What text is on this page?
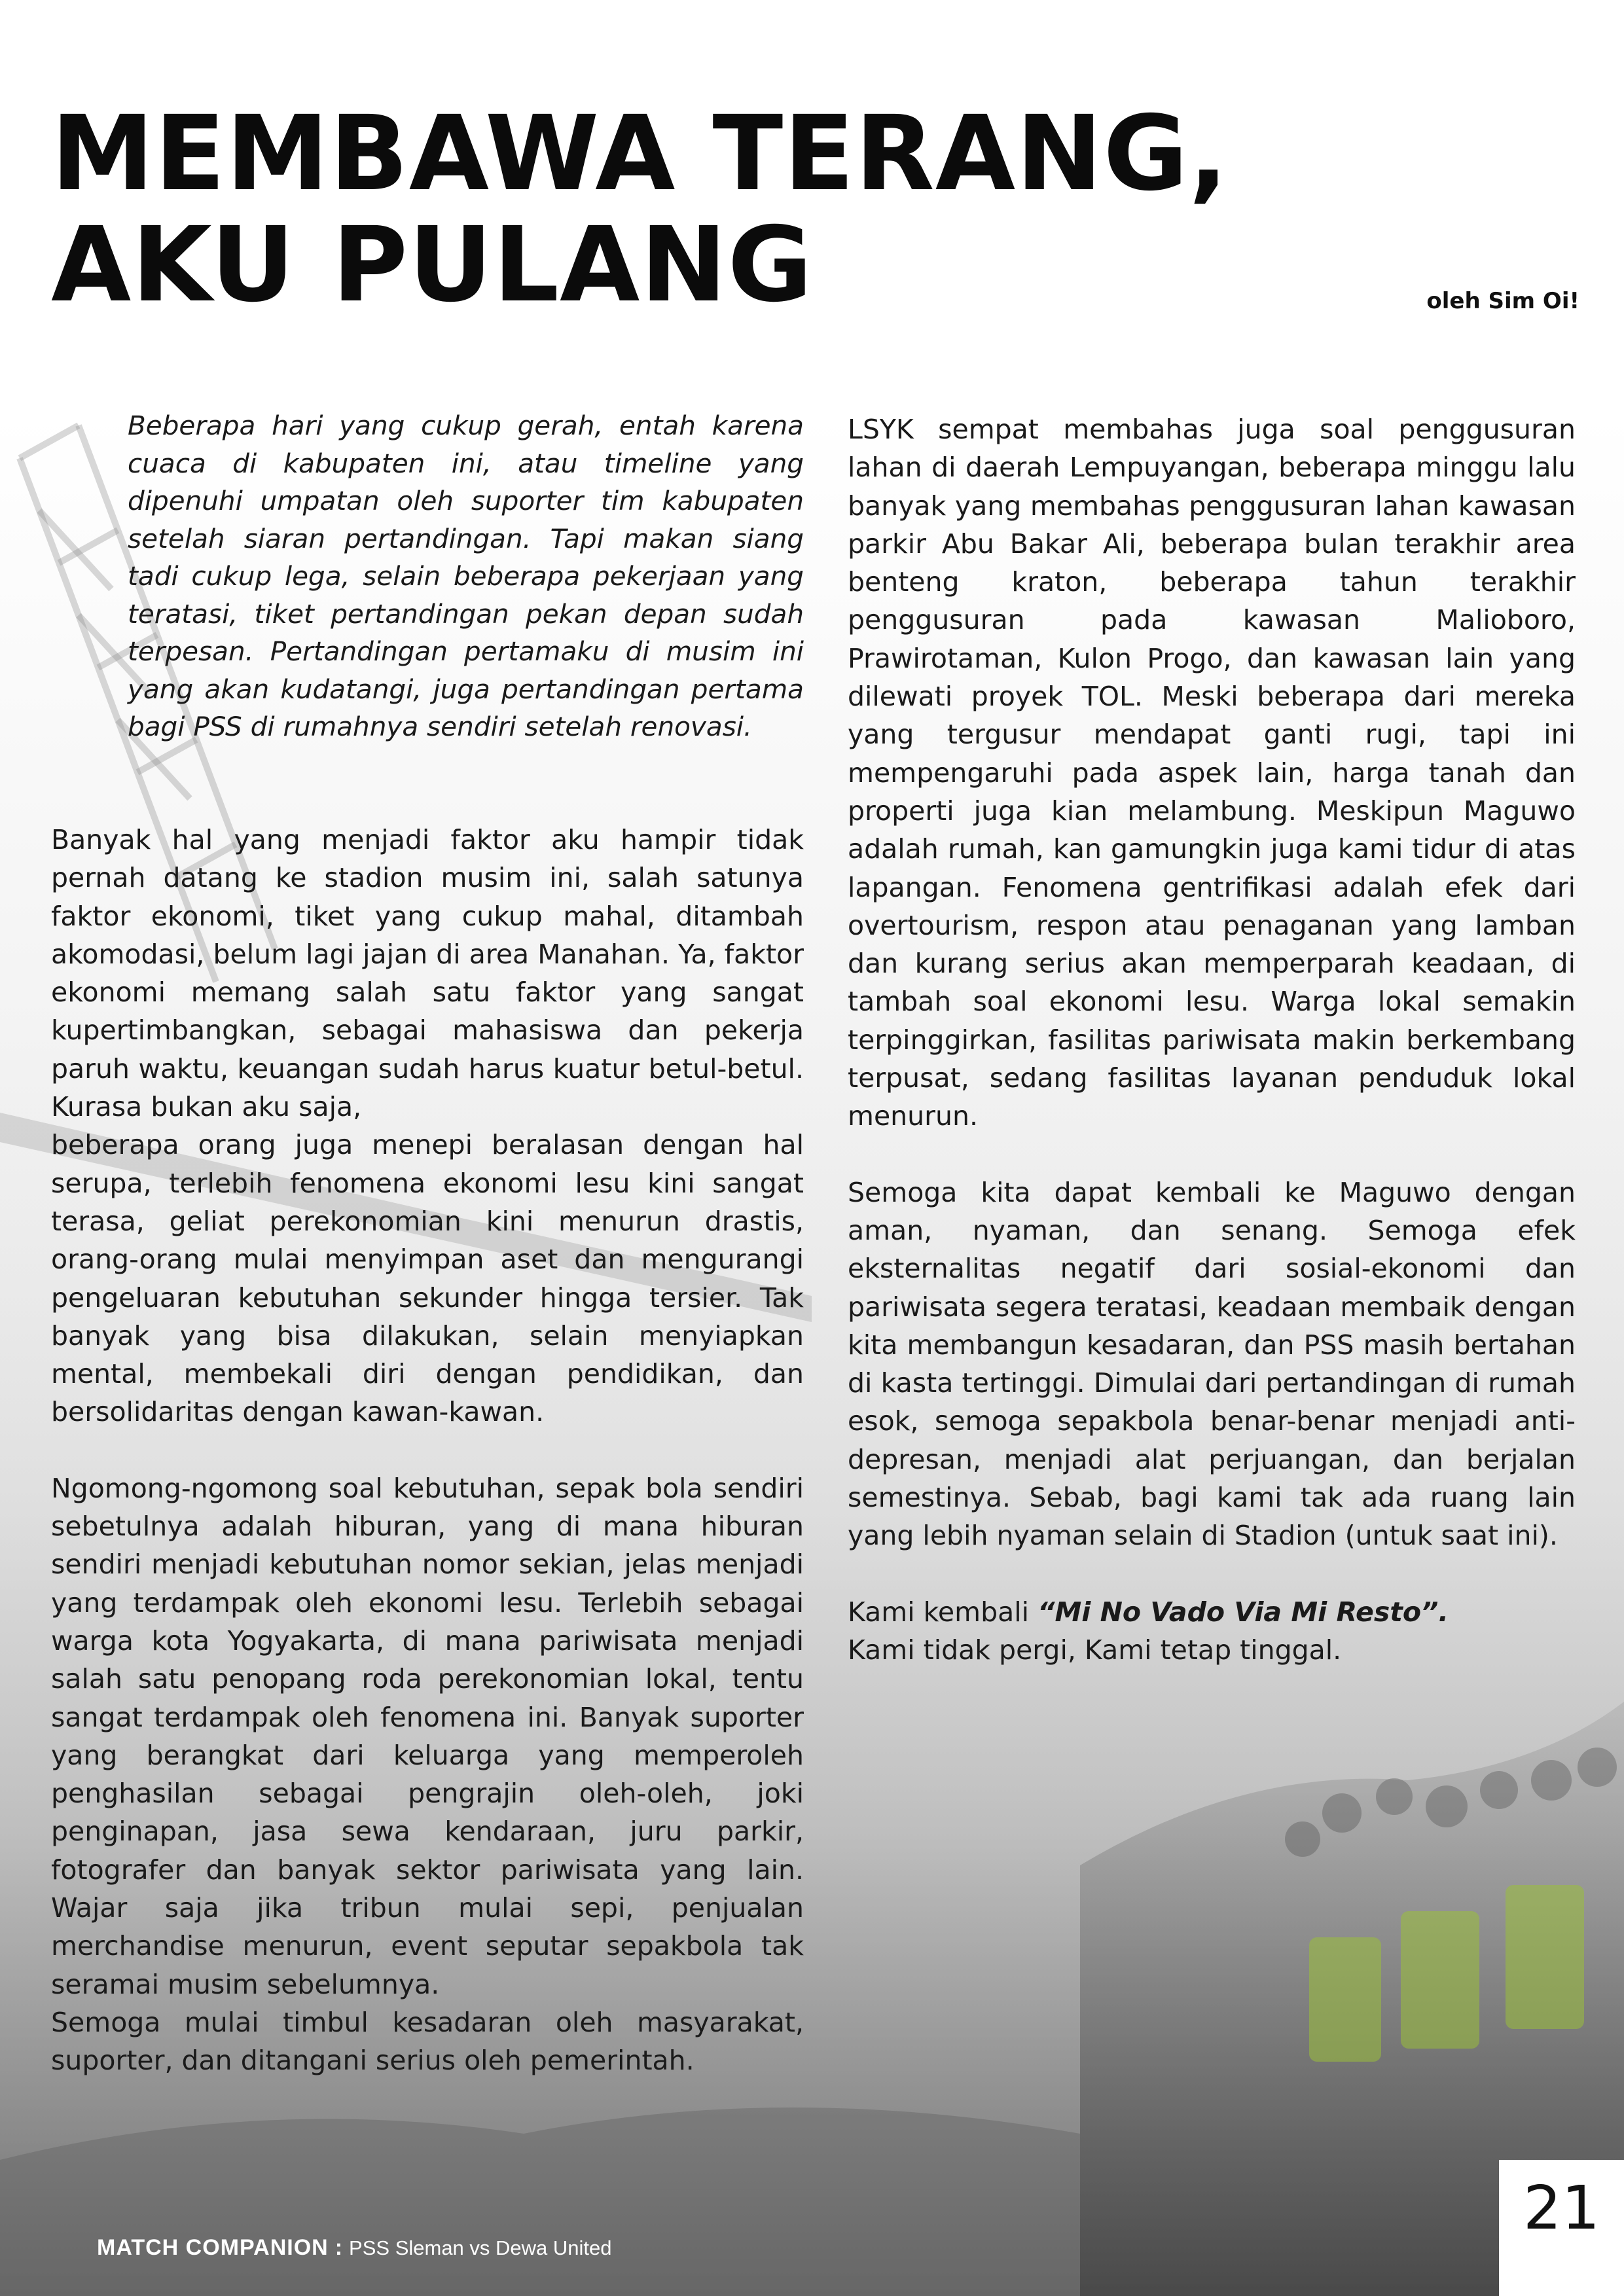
MEMBAWA TERANG,
AKU PULANG	oleh Sim Oi!
Beberapa hari yang cukup gerah, entah karena cuaca di kabupaten ini, atau timeline yang dipenuhi umpatan oleh suporter tim kabupaten setelah siaran pertandingan. Tapi makan siang tadi cukup lega, selain beberapa pekerjaan yang teratasi, tiket pertandingan pekan depan sudah terpesan. Pertandingan pertamaku di musim ini yang akan kudatangi, juga pertandingan pertama bagi PSS di rumahnya sendiri setelah renovasi.

Banyak hal yang menjadi faktor aku hampir tidak pernah datang ke stadion musim ini, salah satunya faktor ekonomi, tiket yang cukup mahal, ditambah akomodasi, belum lagi jajan di area Manahan. Ya, faktor ekonomi memang salah satu faktor yang sangat kupertimbangkan, sebagai mahasiswa dan pekerja paruh waktu, keuangan sudah harus kuatur betul-betul. Kurasa bukan aku saja,

beberapa orang juga menepi beralasan dengan hal serupa, terlebih fenomena ekonomi lesu kini sangat terasa, geliat perekonomian kini menurun drastis, orang-orang mulai menyimpan aset dan mengurangi pengeluaran kebutuhan sekunder hingga tersier. Tak banyak yang bisa dilakukan, selain menyiapkan mental, membekali diri dengan pendidikan, dan bersolidaritas dengan kawan-kawan.

Ngomong-ngomong soal kebutuhan, sepak bola sendiri sebetulnya adalah hiburan, yang di mana hiburan sendiri menjadi kebutuhan nomor sekian, jelas menjadi yang terdampak oleh ekonomi lesu. Terlebih sebagai warga kota Yogyakarta, di mana pariwisata menjadi salah satu penopang roda perekonomian lokal, tentu sangat terdampak oleh fenomena ini. Banyak suporter yang berangkat dari keluarga yang memperoleh penghasilan sebagai pengrajin oleh-oleh, joki penginapan, jasa sewa kendaraan, juru parkir, fotografer dan banyak sektor pariwisata yang lain. Wajar saja jika tribun mulai sepi, penjualan merchandise menurun, event seputar sepakbola tak seramai musim sebelumnya.

Semoga mulai timbul kesadaran oleh masyarakat, suporter, dan ditangani serius oleh pemerintah.

LSYK sempat membahas juga soal penggusuran lahan di daerah Lempuyangan, beberapa minggu lalu banyak yang membahas penggusuran lahan kawasan parkir Abu Bakar Ali, beberapa bulan terakhir area benteng kraton, beberapa tahun terakhir penggusuran pada kawasan Malioboro, Prawirotaman, Kulon Progo, dan kawasan lain yang dilewati proyek TOL. Meski beberapa dari mereka yang tergusur mendapat ganti rugi, tapi ini mempengaruhi pada aspek lain, harga tanah dan properti juga kian melambung. Meskipun Maguwo adalah rumah, kan gamungkin juga kami tidur di atas lapangan. Fenomena gentrifikasi adalah efek dari overtourism, respon atau penaganan yang lamban dan kurang serius akan memperparah keadaan, di tambah soal ekonomi lesu. Warga lokal semakin terpinggirkan, fasilitas pariwisata makin berkembang terpusat, sedang fasilitas layanan penduduk lokal menurun.

Semoga kita dapat kembali ke Maguwo dengan aman, nyaman, dan senang. Semoga efek eksternalitas negatif dari sosial-ekonomi dan pariwisata segera teratasi, keadaan membaik dengan kita membangun kesadaran, dan PSS masih bertahan di kasta tertinggi. Dimulai dari pertandingan di rumah esok, semoga sepakbola benar-benar menjadi anti-depresan, menjadi alat perjuangan, dan berjalan semestinya. Sebab, bagi kami tak ada ruang lain yang lebih nyaman selain di Stadion (untuk saat ini).

Kami kembali “Mi No Vado Via Mi Resto”.

Kami tidak pergi, Kami tetap tinggal.

MATCH COMPANION : PSS Sleman vs Dewa United
21
